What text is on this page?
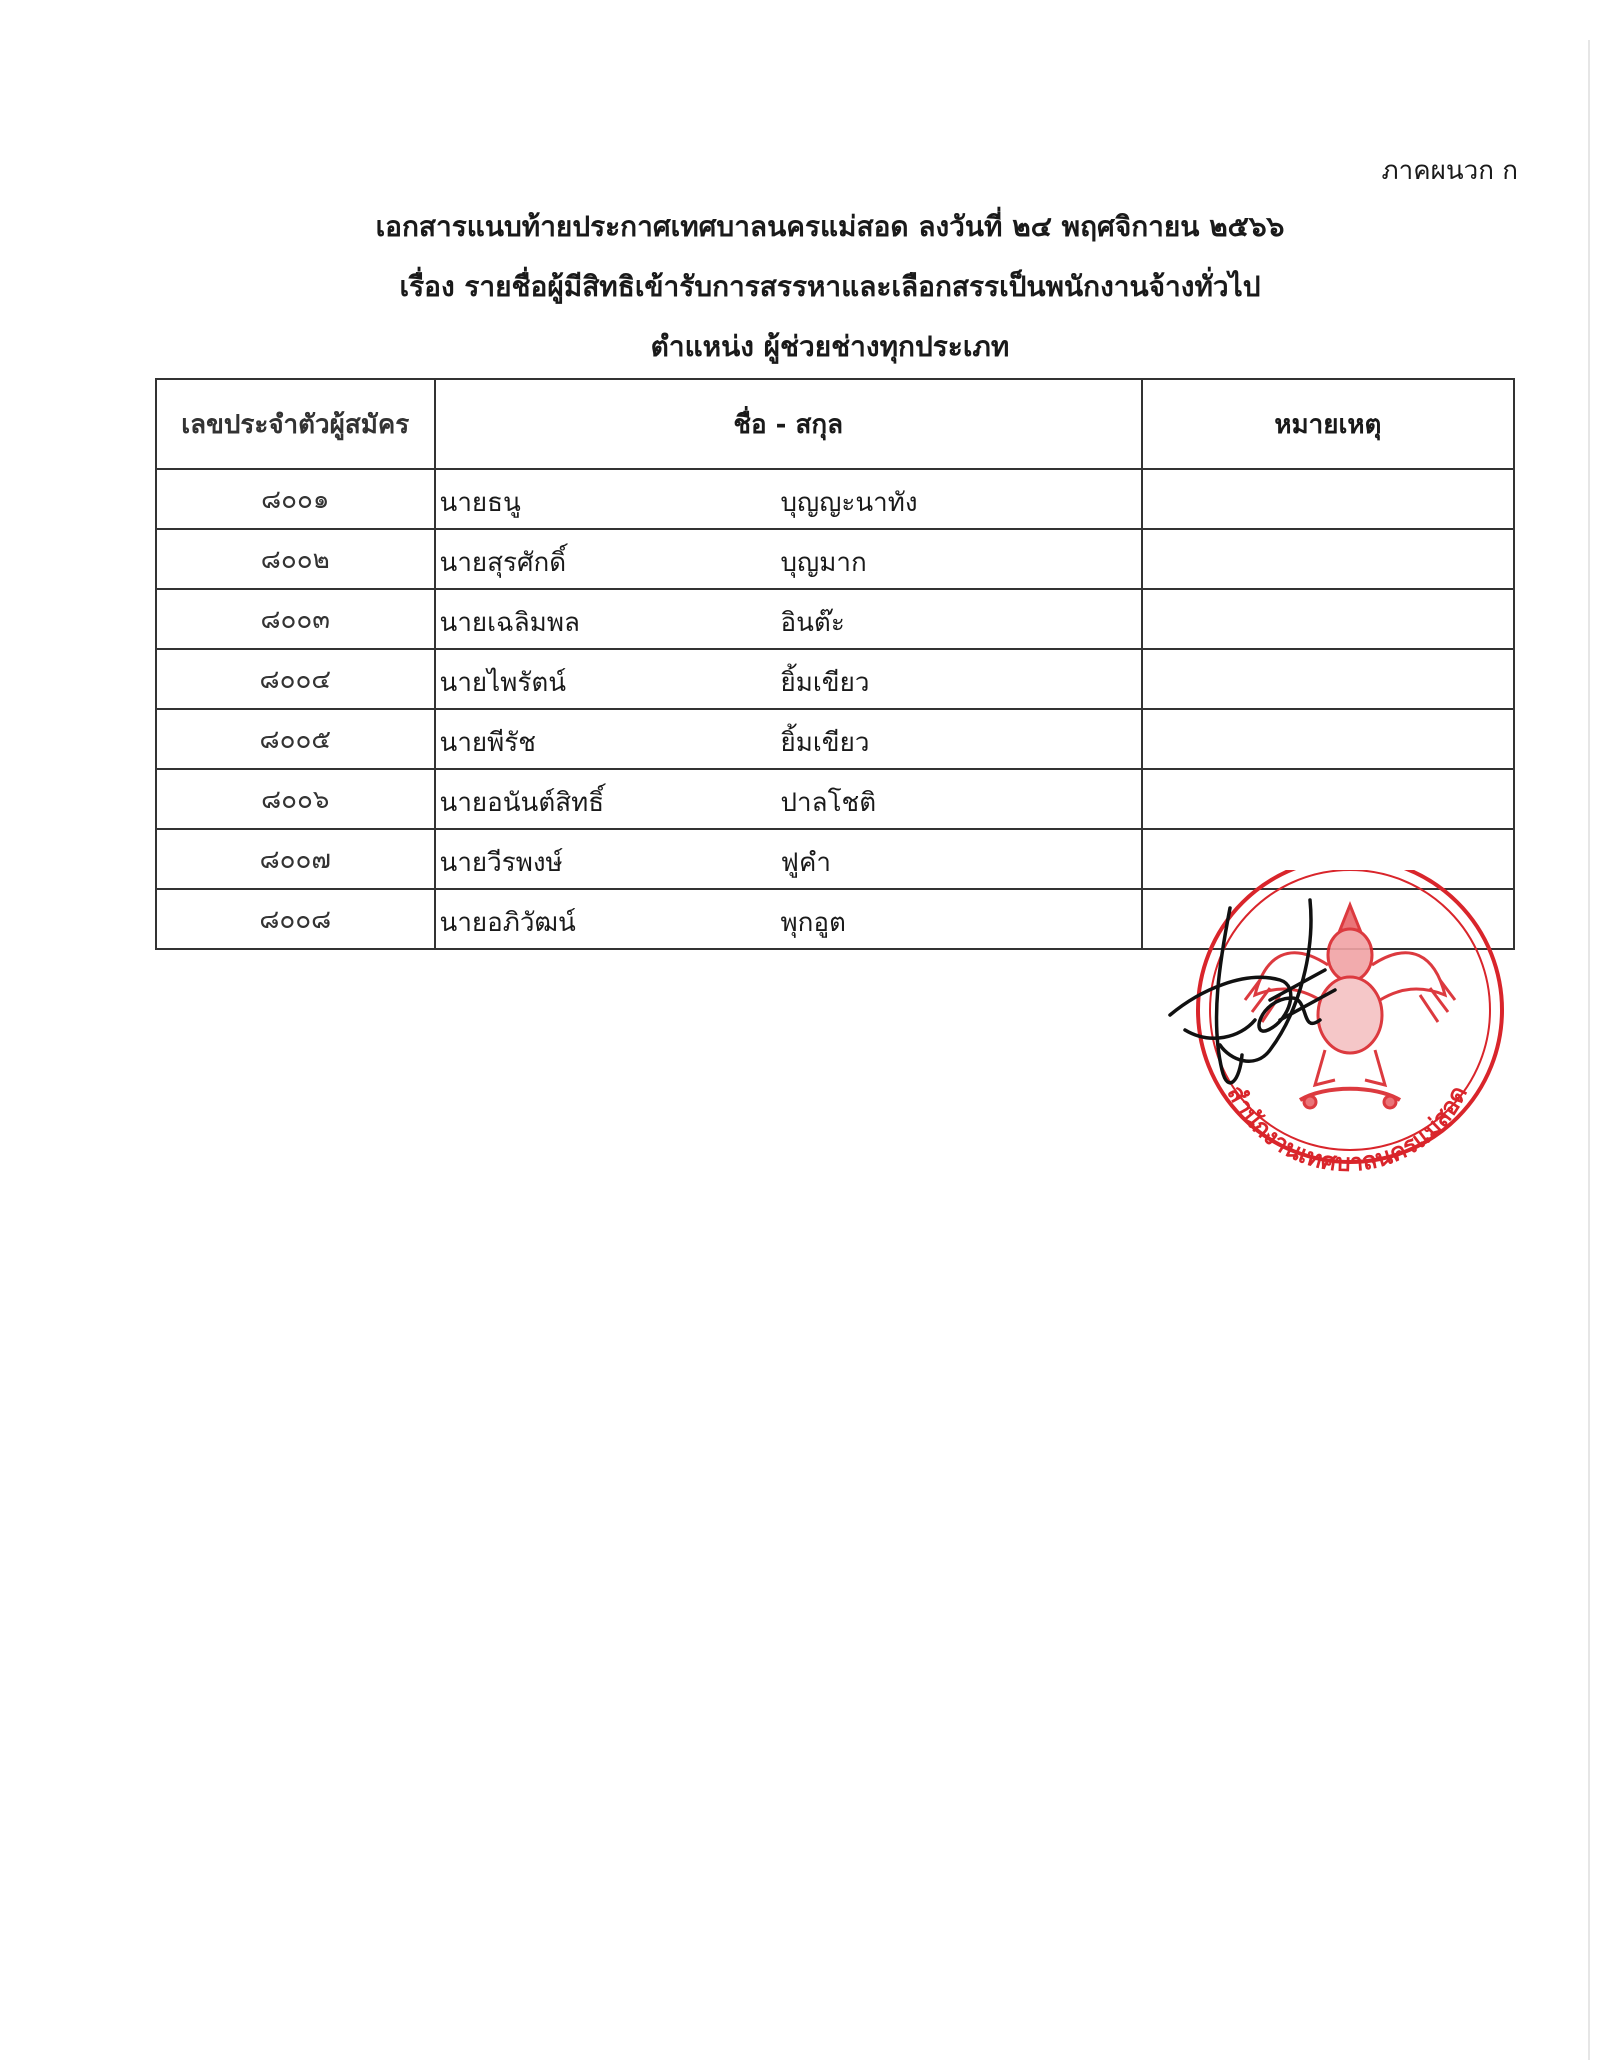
ภาคผนวก ก
เอกสารแนบท้ายประกาศเทศบาลนครแม่สอด ลงวันที่ ๒๔ พฤศจิกายน ๒๕๖๖
เรื่อง รายชื่อผู้มีสิทธิเข้ารับการสรรหาและเลือกสรรเป็นพนักงานจ้างทั่วไป
ตำแหน่ง ผู้ช่วยช่างทุกประเภท
เลขประจำตัวผู้สมัคร	ชื่อ - สกุล	หมายเหตุ
๘๐๐๑	นายธนู บุญญะนาทัง	

๘๐๐๒	นายสุรศักดิ์ บุญมาก	

๘๐๐๓	นายเฉลิมพล อินต๊ะ	

๘๐๐๔	นายไพรัตน์ ยิ้มเขียว	

๘๐๐๕	นายพีรัช ยิ้มเขียว	

๘๐๐๖	นายอนันต์สิทธิ์ ปาลโชติ	

๘๐๐๗	นายวีรพงษ์ ฟูคำ	

๘๐๐๘	นายอภิวัฒน์ พุกอูต	

สำนักงานเทศบาลนครแม่สอด
